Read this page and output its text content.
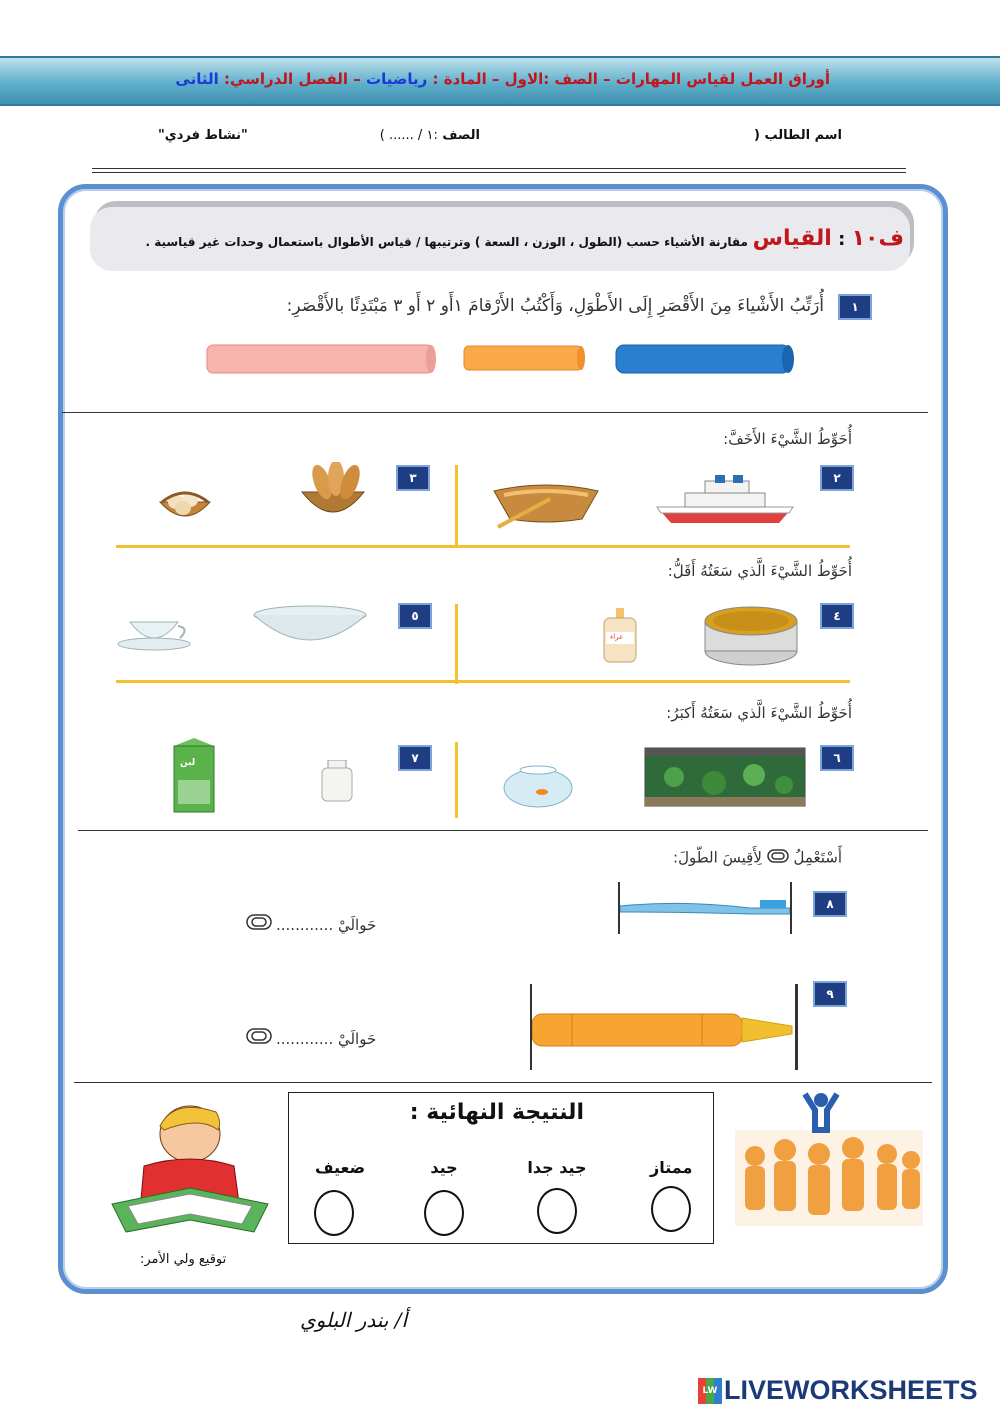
أوراق العمل لقياس المهارات – الصف :الاول – المادة : رياضيات – الفصل الدراسي: الثانى
اسم الطالب (
الصف :١ / ...... )
"نشاط فردي"
ف١٠ : القياس
مقارنة الأشياء حسب (الطول ، الوزن ، السعة ) وترتيبها / قياس الأطوال باستعمال وحدات غير قياسية .
١
أُرَتِّبُ الأَشْياءَ مِنَ الأَقْصَرِ إِلَى الأَطْوَلِ، وَأَكْتُبُ الأَرْقامَ ١أَو ٢ أَو ٣ مَبْتَدِئًا بالأَقْصَرِ:
أُحَوِّطُ الشَّيْءَ الأَخَفَّ:
٢
٣
أُحَوِّطُ الشَّيْءَ الَّذي سَعَتُهُ أَقَلُّ:
٤
٥
غراء
أُحَوِّطُ الشَّيْءَ الَّذي سَعَتُهُ أَكبَرُ:
٦
٧
لبن
أَسْتَعْمِلُ  لِأَقِيسَ الطّولَ:
٨
حَوالَيْ ............
٩
حَوالَيْ ............
النتيجة النهائية :
ممتاز
جيد جدا
جيد
ضعيف
توقيع ولي الأمر:
أ/ بندر البلوي
LW LIVEWORKSHEETS
